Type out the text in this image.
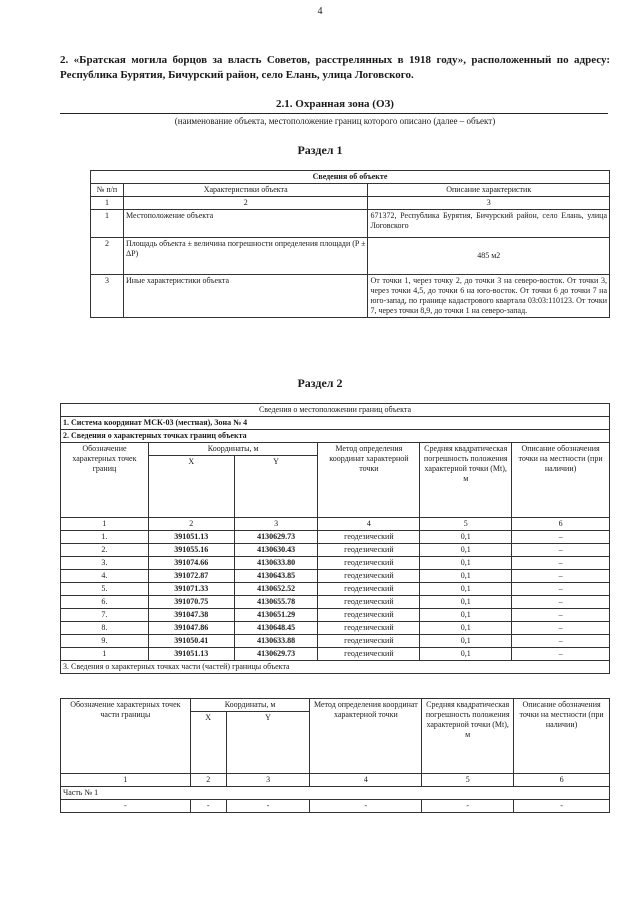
4
2. «Братская могила борцов за власть Советов, расстрелянных в 1918 году», расположенный по адресу: Республика Бурятия, Бичурский район, село Елань, улица Логовского.
2.1. Охранная зона (ОЗ)
(наименование объекта, местоположение границ которого описано (далее – объект)
Раздел 1
Сведения об объекте		
№ п/п	Характеристики объекта	Описание характеристик
1	2	3
1	Местоположение объекта	671372, Республика Бурятия, Бичурский район, село Елань, улица Логовского
2	Площадь объекта ± величина погрешности определения площади (P ± ΔP)	485 м2
3	Иные характеристики объекта	От точки 1, через точку 2, до точки 3 на северо-восток. От точки 3, через точки 4,5, до точки 6 на юго-восток. От точки 6 до точки 7 на юго-запад, по границе кадастрового квартала 03:03:110123. От точки 7, через точки 8,9, до точки 1 на северо-запад.
Раздел 2
Сведения о местоположении границ объекта					
1. Система координат МСК-03 (местная), Зона № 4					
2. Сведения о характерных точках границ объекта					
Обозначение характерных точек границ	Координаты, м		Метод определения координат характерной точки	Средняя квадратическая погрешность положения характерной точки (Mt), м	Описание обозначения точки на местности (при наличии)
	X	Y			
1	2	3	4	5	6
1.	391051.13	4130629.73	геодезический	0,1	–
2.	391055.16	4130630.43	геодезический	0,1	–
3.	391074.66	4130633.80	геодезический	0,1	–
4.	391072.87	4130643.85	геодезический	0,1	–
5.	391071.33	4130652.52	геодезический	0,1	–
6.	391070.75	4130655.78	геодезический	0,1	–
7.	391047.38	4130651.29	геодезический	0,1	–
8.	391047.86	4130648.45	геодезический	0,1	–
9.	391050.41	4130633.88	геодезический	0,1	–
1	391051.13	4130629.73	геодезический	0,1	–
3. Сведения о характерных точках части (частей) границы объекта					
Обозначение характерных точек части границы	Координаты, м		Метод определения координат характерной точки	Средняя квадратическая погрешность положения характерной точки (Mt), м	Описание обозначения точки на местности (при наличии)
	X	Y			
1	2	3	4	5	6
Часть № 1					
-	-	-	-	-	-
